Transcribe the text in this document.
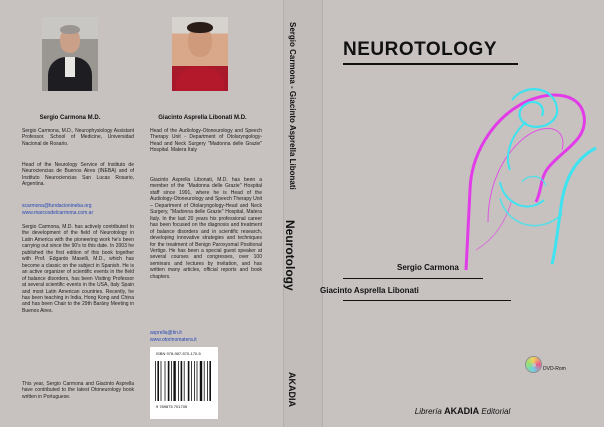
Sergio Carmona M.D.	Giacinto Asprella Libonati M.D.

Sergio Carmona, M.D., Neurophysiology Assistant Professor. School of Medicine, Universidad Nacional de Rosario.

Head of the Neurology Service of Instituto de Neurociencias de Buenos Aires (INEBA) and of Instituto Neurociencias San Lucas Rosario, Argentina.

scarmona@fundacionineba.org
www.marcosdelcarmona.com.ar

Sergio Carmona, M.D. has actively contributed to the development of the field of Neurotology in Latin America with the pioneering work he's been carrying out since the 90's to this date. In 2003 he published the first edition of this book together with Prof. Edgardo Maselli, M.D., which has become a classic on the subject in Spanish. He is an active organizer of scientific events in the field of balance disorders, has been Visiting Professor at several scientific events in the USA, Italy Spain and most Latin American countries. Recently, he has been teaching in India, Hong Kong and China and has been Chair to the 29th Barány Meeting in Buenos Aires.

This year, Sergio Carmona and Giacinto Asprella have contributed to the latest Otoneurology book written in Portuguese.

Head of the Audiology-Otoneurology and Speech Therapy Unit - Department of Otolaryngology-Head and Neck Surgery "Madonna delle Grazie" Hospital. Matera Italy

Giacinto Asprella Libonati, M.D. has been a member of the "Madonna delle Grazie" Hospital staff since 1991, where he is Head of the Audiology-Otoneurology and Speech Therapy Unit – Department of Otolaryngology-Head and Neck Surgery, "Madonna delle Grazie" Hospital, Matera Italy. In the last 20 years his professional career has been focused on the diagnosis and treatment of balance disorders and in scientific research, developing innovative strategies and techniques for the treatment of Benign Paroxysmal Positional Vertigo. He has been a special guest speaker at several courses and congresses, over 100 seminars and lectures by invitation, and has written many articles, official reports and book chapters.

asprella@tin.it
www.otorinomatera.it
ISBN 978-987-570-170-5
9 789875 701705
Sergio Carmona - Giacinto Asprella Libonati
Neurotology
AKADIA
NEUROTOLOGY
Sergio Carmona
Giacinto Asprella Libonati
DVD-Rom
Librería AKADIA Editorial
